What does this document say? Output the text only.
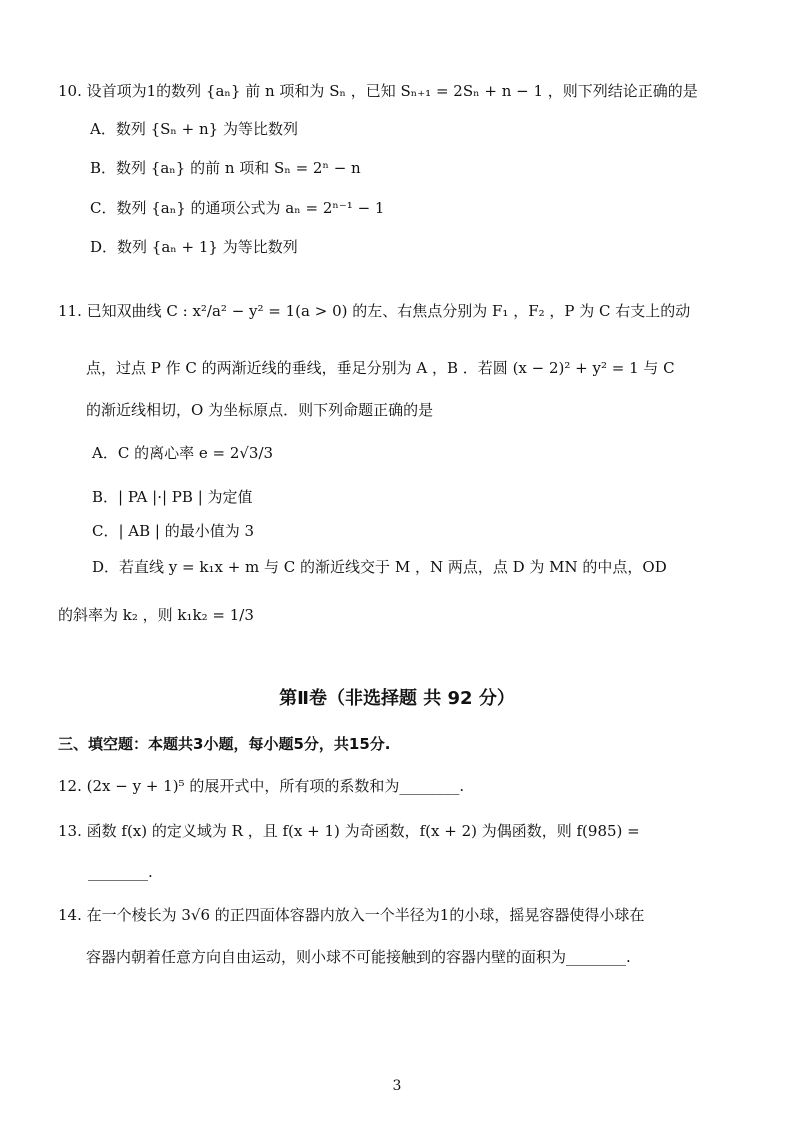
10. 设首项为1的数列 {aₙ} 前 n 项和为 Sₙ ，已知 Sₙ₊₁ = 2Sₙ + n − 1 ，则下列结论正确的是
A．数列 {Sₙ + n} 为等比数列
B．数列 {aₙ} 的前 n 项和 Sₙ = 2ⁿ − n
C．数列 {aₙ} 的通项公式为 aₙ = 2ⁿ⁻¹ − 1
D．数列 {aₙ + 1} 为等比数列
11. 已知双曲线 C : x²/a² − y² = 1(a > 0) 的左、右焦点分别为 F₁ ，F₂ ，P 为 C 右支上的动
点，过点 P 作 C 的两渐近线的垂线，垂足分别为 A ，B ．若圆 (x − 2)² + y² = 1 与 C
的渐近线相切，O 为坐标原点．则下列命题正确的是
A．C 的离心率 e = 2√3/3
B．| PA |·| PB | 为定值
C．| AB | 的最小值为 3
D．若直线 y = k₁x + m 与 C 的渐近线交于 M ，N 两点，点 D 为 MN 的中点，OD
的斜率为 k₂ ，则 k₁k₂ = 1/3
第Ⅱ卷（非选择题 共 92 分）
三、填空题：本题共3小题，每小题5分，共15分.
12. (2x − y + 1)⁵ 的展开式中，所有项的系数和为________.
13. 函数 f(x) 的定义域为 R ，且 f(x + 1) 为奇函数，f(x + 2) 为偶函数，则 f(985) =
________.
14. 在一个棱长为 3√6 的正四面体容器内放入一个半径为1的小球，摇晃容器使得小球在
容器内朝着任意方向自由运动，则小球不可能接触到的容器内壁的面积为________.
3
